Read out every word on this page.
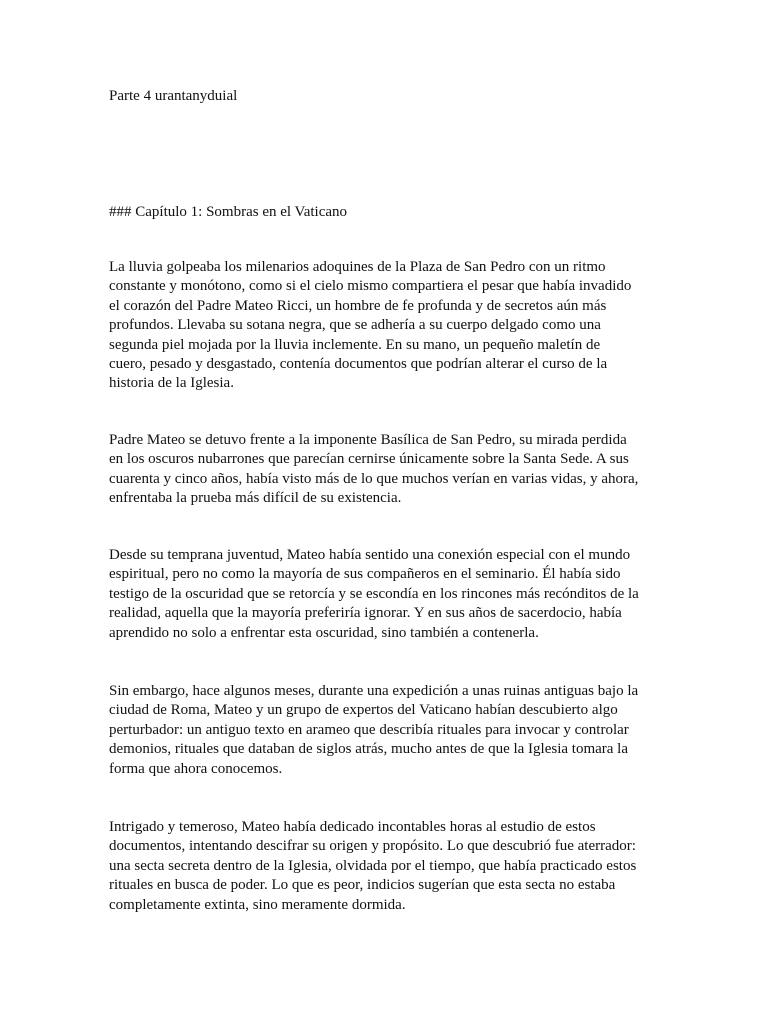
Parte 4 urantanyduial
### Capítulo 1: Sombras en el Vaticano

La lluvia golpeaba los milenarios adoquines de la Plaza de San Pedro con un ritmo constante y monótono, como si el cielo mismo compartiera el pesar que había invadido el corazón del Padre Mateo Ricci, un hombre de fe profunda y de secretos aún más profundos. Llevaba su sotana negra, que se adhería a su cuerpo delgado como una segunda piel mojada por la lluvia inclemente. En su mano, un pequeño maletín de cuero, pesado y desgastado, contenía documentos que podrían alterar el curso de la historia de la Iglesia.

Padre Mateo se detuvo frente a la imponente Basílica de San Pedro, su mirada perdida en los oscuros nubarrones que parecían cernirse únicamente sobre la Santa Sede. A sus cuarenta y cinco años, había visto más de lo que muchos verían en varias vidas, y ahora, enfrentaba la prueba más difícil de su existencia.

Desde su temprana juventud, Mateo había sentido una conexión especial con el mundo espiritual, pero no como la mayoría de sus compañeros en el seminario. Él había sido testigo de la oscuridad que se retorcía y se escondía en los rincones más recónditos de la realidad, aquella que la mayoría preferiría ignorar. Y en sus años de sacerdocio, había aprendido no solo a enfrentar esta oscuridad, sino también a contenerla.

Sin embargo, hace algunos meses, durante una expedición a unas ruinas antiguas bajo la ciudad de Roma, Mateo y un grupo de expertos del Vaticano habían descubierto algo perturbador: un antiguo texto en arameo que describía rituales para invocar y controlar demonios, rituales que databan de siglos atrás, mucho antes de que la Iglesia tomara la forma que ahora conocemos.

Intrigado y temeroso, Mateo había dedicado incontables horas al estudio de estos documentos, intentando descifrar su origen y propósito. Lo que descubrió fue aterrador: una secta secreta dentro de la Iglesia, olvidada por el tiempo, que había practicado estos rituales en busca de poder. Lo que es peor, indicios sugerían que esta secta no estaba completamente extinta, sino meramente dormida.
